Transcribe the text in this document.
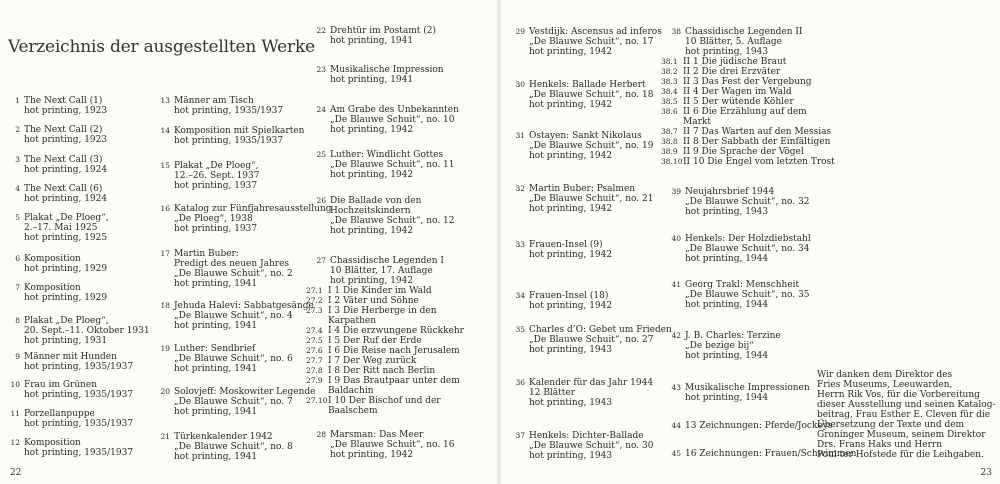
Verzeichnis der ausgestellten Werke
22	23
1 The Next Call (1)
hot printing, 1923
2 The Next Call (2)
hot printing, 1923
3 The Next Call (3)
hot printing, 1924
4 The Next Call (6)
hot printing, 1924
5 Plakat „De Ploeg“,
2.–17. Mai 1925
hot printing, 1925
6 Komposition
hot printing, 1929
7 Komposition
hot printing, 1929
8 Plakat „De Ploeg“,
20. Sept.–11. Oktober 1931
hot printing, 1931
9 Männer mit Hunden
hot printing, 1935/1937
10 Frau im Grünen
hot printing, 1935/1937
11 Porzellanpuppe
hot printing, 1935/1937
12 Komposition
hot printing, 1935/1937
13 Männer am Tisch
hot printing, 1935/1937
14 Komposition mit Spielkarten
hot printing, 1935/1937
15 Plakat „De Ploeg“,
12.–26. Sept. 1937
hot printing, 1937
16 Katalog zur Fünfjahresausstellung
„De Ploeg“, 1938
hot printing, 1937
17 Martin Buber:
Predigt des neuen Jahres
„De Blauwe Schuit“, no. 2
hot printing, 1941
18 Jehuda Halevi: Sabbatgesänge
„De Blauwe Schuit“, no. 4
hot printing, 1941
19 Luther: Sendbrief
„De Blauwe Schuit“, no. 6
hot printing, 1941
20 Solovjeff: Moskowiter Legende
„De Blauwe Schuit“, no. 7
hot printing, 1941
21 Türkenkalender 1942
„De Blauwe Schuit“, no. 8
hot printing, 1941
22 Drehtür im Postamt (2)
hot printing, 1941
23 Musikalische Impression
hot printing, 1941
24 Am Grabe des Unbekannten
„De Blauwe Schuit“, no. 10
hot printing, 1942
25 Luther: Windlicht Gottes
„De Blauwe Schuit“, no. 11
hot printing, 1942
26 Die Ballade von den
Hochzeitskindern
„De Blauwe Schuit“, no. 12
hot printing, 1942
27 Chassidische Legenden I
10 Blätter, 17. Auflage
hot printing, 1942
27.1 I 1 Die Kinder im Wald
27.2 I 2 Väter und Söhne
27.3 I 3 Die Herberge in den
Karpathen
27.4 I 4 Die erzwungene Rückkehr
27.5 I 5 Der Ruf der Erde
27.6 I 6 Die Reise nach Jerusalem
27.7 I 7 Der Weg zurück
27.8 I 8 Der Ritt nach Berlin
27.9 I 9 Das Brautpaar unter dem
Baldachin
27.10I 10 Der Bischof und der
Baalschem
28 Marsman: Das Meer
„De Blauwe Schuit“, no. 16
hot printing, 1942
29 Vestdijk: Ascensus ad inferos
„De Blauwe Schuit“, no. 17
hot printing, 1942
30 Henkels: Ballade Herbert
„De Blauwe Schuit“, no. 18
hot printing, 1942
31 Ostayen: Sankt Nikolaus
„De Blauwe Schuit“, no. 19
hot printing, 1942
32 Martin Buber: Psalmen
„De Blauwe Schuit“, no. 21
hot printing, 1942
33 Frauen-Insel (9)
hot printing, 1942
34 Frauen-Insel (18)
hot printing, 1942
35 Charles d’O: Gebet um Frieden
„De Blauwe Schuit“, no. 27
hot printing, 1943
36 Kalender für das Jahr 1944
12 Blätter
hot printing, 1943
37 Henkels: Dichter-Ballade
„De Blauwe Schuit“, no. 30
hot printing, 1943
38 Chassidische Legenden II
10 Blätter, 5. Auflage
hot printing, 1943
38.1 II 1 Die jüdische Braut
38.2 II 2 Die drei Erzväter
38.3 II 3 Das Fest der Vergebung
38.4 II 4 Der Wagen im Wald
38.5 II 5 Der wütende Köhler
38.6 II 6 Die Erzählung auf dem
Markt
38.7 II 7 Das Warten auf den Messias
38.8 II 8 Der Sabbath der Einfältigen
38.9 II 9 Die Sprache der Vögel
38.10II 10 Die Engel vom letzten Trost
39 Neujahrsbrief 1944
„De Blauwe Schuit“, no. 32
hot printing, 1943
40 Henkels: Der Holzdiebstahl
„De Blauwe Schuit“, no. 34
hot printing, 1944
41 Georg Trakl: Menschheit
„De Blauwe Schuit“, no. 35
hot printing, 1944
42 J. B. Charles: Terzine
„De bezige bij“
hot printing, 1944
43 Musikalische Impressionen
hot printing, 1944
44 13 Zeichnungen: Pferde/Jockeys
45 16 Zeichnungen: Frauen/Schwimmen
Wir danken dem Direktor des
Fries Museums, Leeuwarden,
Herrn Rik Vos, für die Vorbereitung
dieser Ausstellung und seinen Katalog-
beitrag, Frau Esther E. Cleven für die
Übersetzung der Texte und dem
Groninger Museum, seinem Direktor
Drs. Frans Haks und Herrn
Poul ter Hofstede für die Leihgaben.
